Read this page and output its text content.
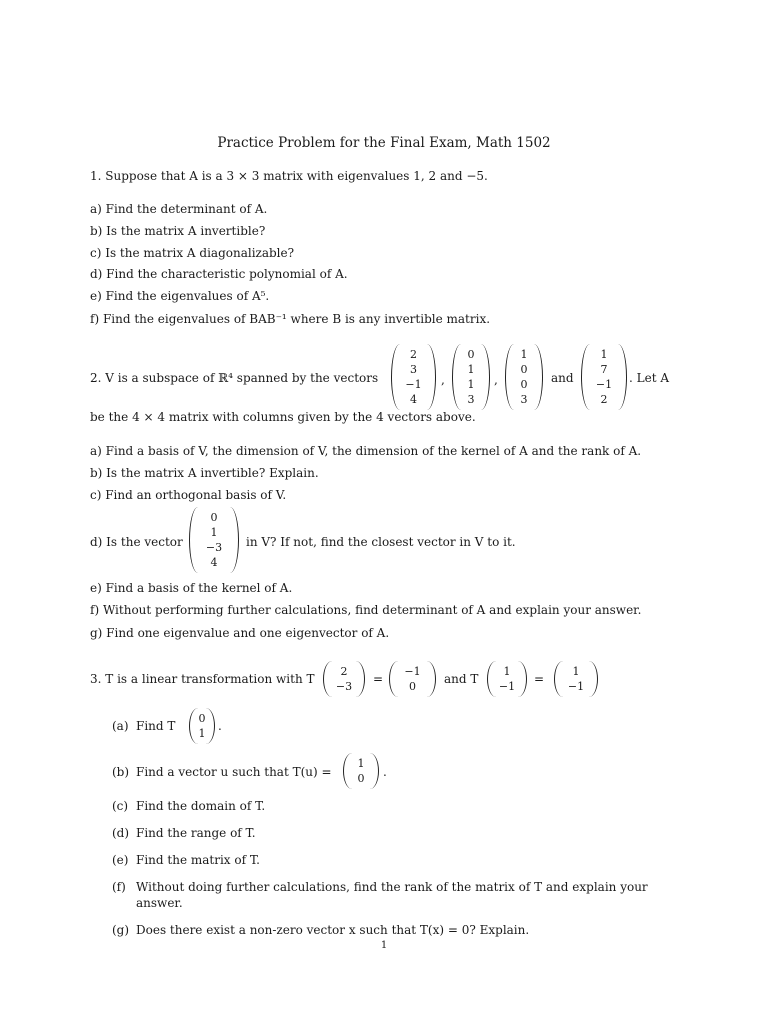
Practice Problem for the Final Exam, Math 1502
1. Suppose that A is a 3 × 3 matrix with eigenvalues 1, 2 and −5.
a) Find the determinant of A.
b) Is the matrix A invertible?
c) Is the matrix A diagonalizable?
d) Find the characteristic polynomial of A.
e) Find the eigenvalues of A⁵.
f) Find the eigenvalues of BAB⁻¹ where B is any invertible matrix.
2. V is a subspace of ℝ⁴ spanned by the vectors
2
3
−1
4
,
0
1
1
3
,
1
0
0
3
and
1
7
−1
2
. Let A
be the 4 × 4 matrix with columns given by the 4 vectors above.
a) Find a basis of V, the dimension of V, the dimension of the kernel of A and the rank of A.
b) Is the matrix A invertible? Explain.
c) Find an orthogonal basis of V.
d) Is the vector
0
1
−3
4
in V? If not, find the closest vector in V to it.
e) Find a basis of the kernel of A.
f) Without performing further calculations, find determinant of A and explain your answer.
g) Find one eigenvalue and one eigenvector of A.
3. T is a linear transformation with T
2
−3
=
−1
0
and T
1
−1
=
1
−1
(a) Find T
0
1
.
(b) Find a vector u such that T(u) =
1
0 .
(c) Find the domain of T.
(d) Find the range of T.
(e) Find the matrix of T.
(f) Without doing further calculations, find the rank of the matrix of T and explain your
answer.
(g) Does there exist a non-zero vector x such that T(x) = 0? Explain.
1
